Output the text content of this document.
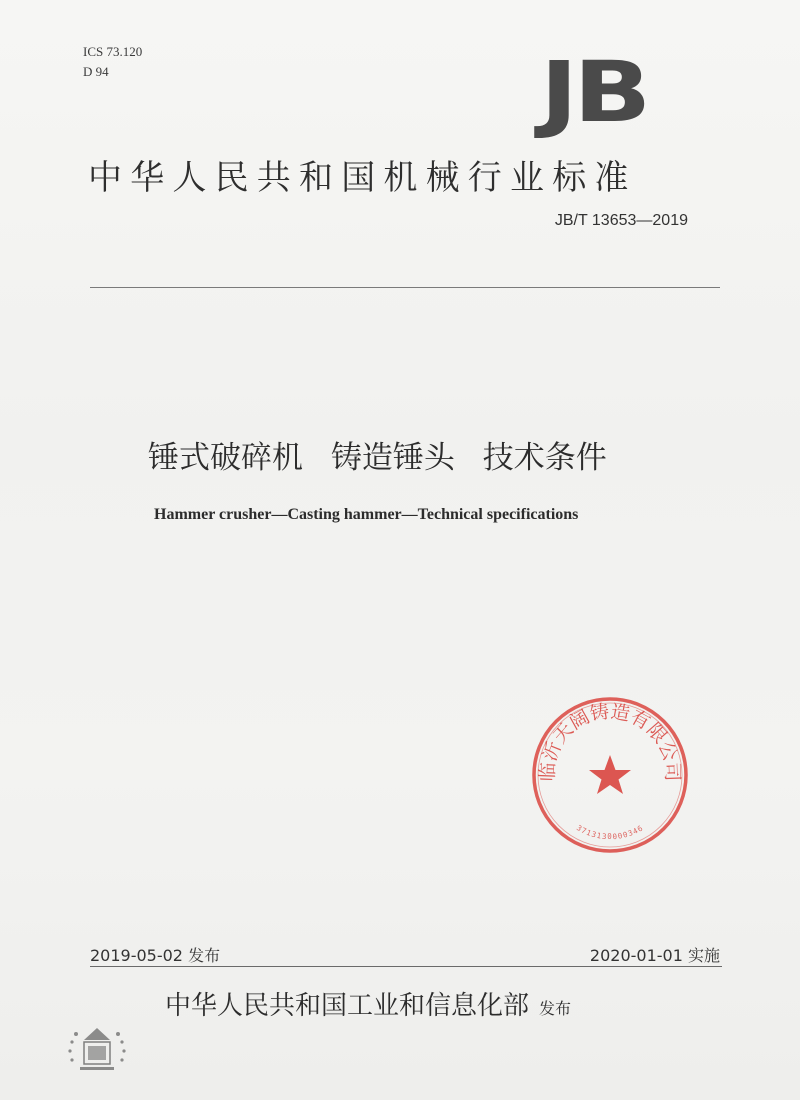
ICS 73.120
D 94	JB
中华人民共和国机械行业标准
JB/T 13653—2019
锤式破碎机 铸造锤头 技术条件
Hammer crusher—Casting hammer—Technical specifications
临沂天阔铸造有限公司
3713130000346
2019-05-02 发布	2020-01-01 实施
中华人民共和国工业和信息化部 发布
